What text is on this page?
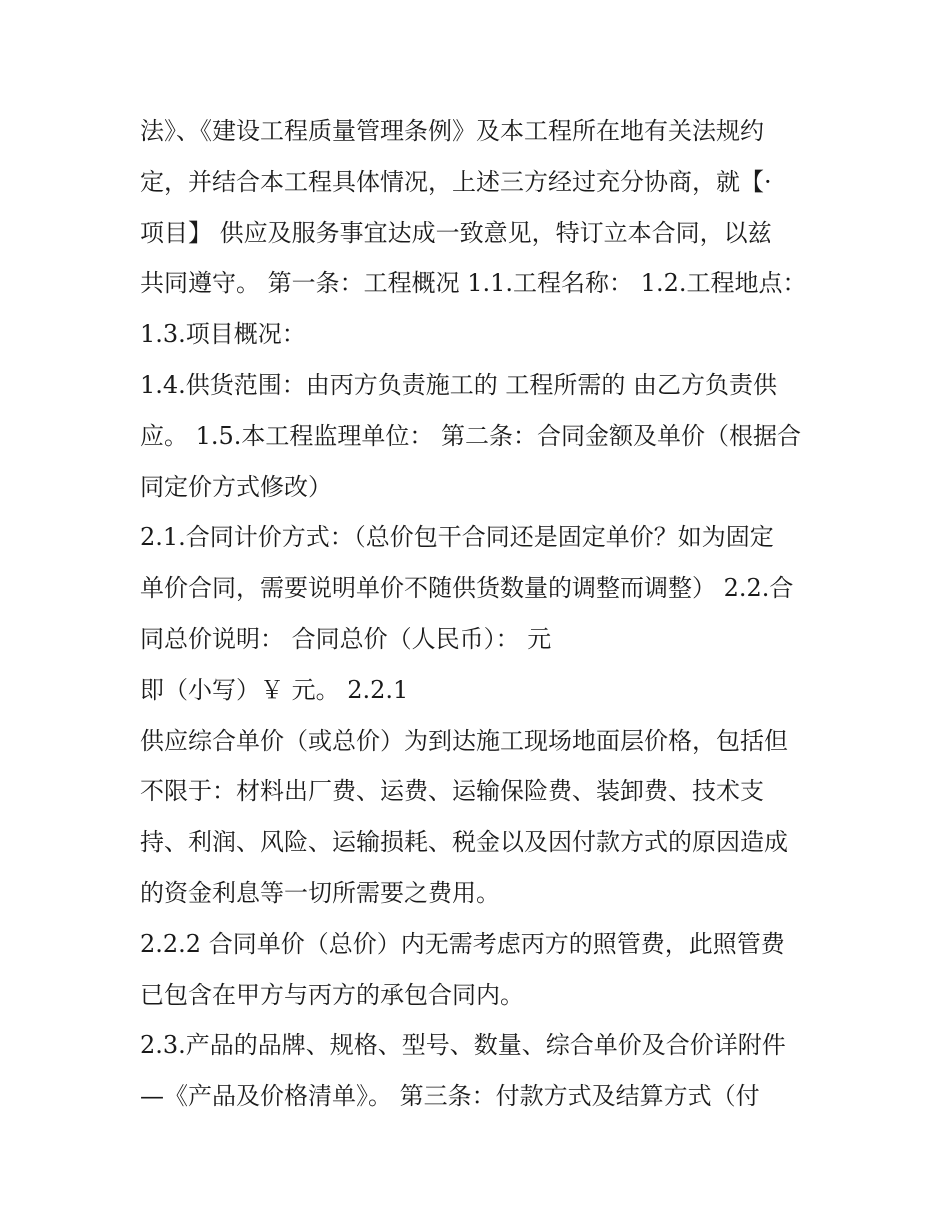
法》、《建设工程质量管理条例》及本工程所在地有关法规约
定，并结合本工程具体情况，上述三方经过充分协商，就【·
项目】 供应及服务事宜达成一致意见，特订立本合同，以兹
共同遵守。 第一条：工程概况 1.1.工程名称： 1.2.工程地点：
1.3.项目概况：
1.4.供货范围：由丙方负责施工的 工程所需的 由乙方负责供
应。 1.5.本工程监理单位： 第二条：合同金额及单价（根据合
同定价方式修改）
2.1.合同计价方式：（总价包干合同还是固定单价？如为固定
单价合同，需要说明单价不随供货数量的调整而调整） 2.2.合
同总价说明： 合同总价（人民币）： 元
即（小写）￥ 元。 2.2.1
供应综合单价（或总价）为到达施工现场地面层价格，包括但
不限于：材料出厂费、运费、运输保险费、装卸费、技术支
持、利润、风险、运输损耗、税金以及因付款方式的原因造成
的资金利息等一切所需要之费用。
2.2.2 合同单价（总价）内无需考虑丙方的照管费，此照管费
已包含在甲方与丙方的承包合同内。
2.3.产品的品牌、规格、型号、数量、综合单价及合价详附件
—《产品及价格清单》。 第三条：付款方式及结算方式（付
